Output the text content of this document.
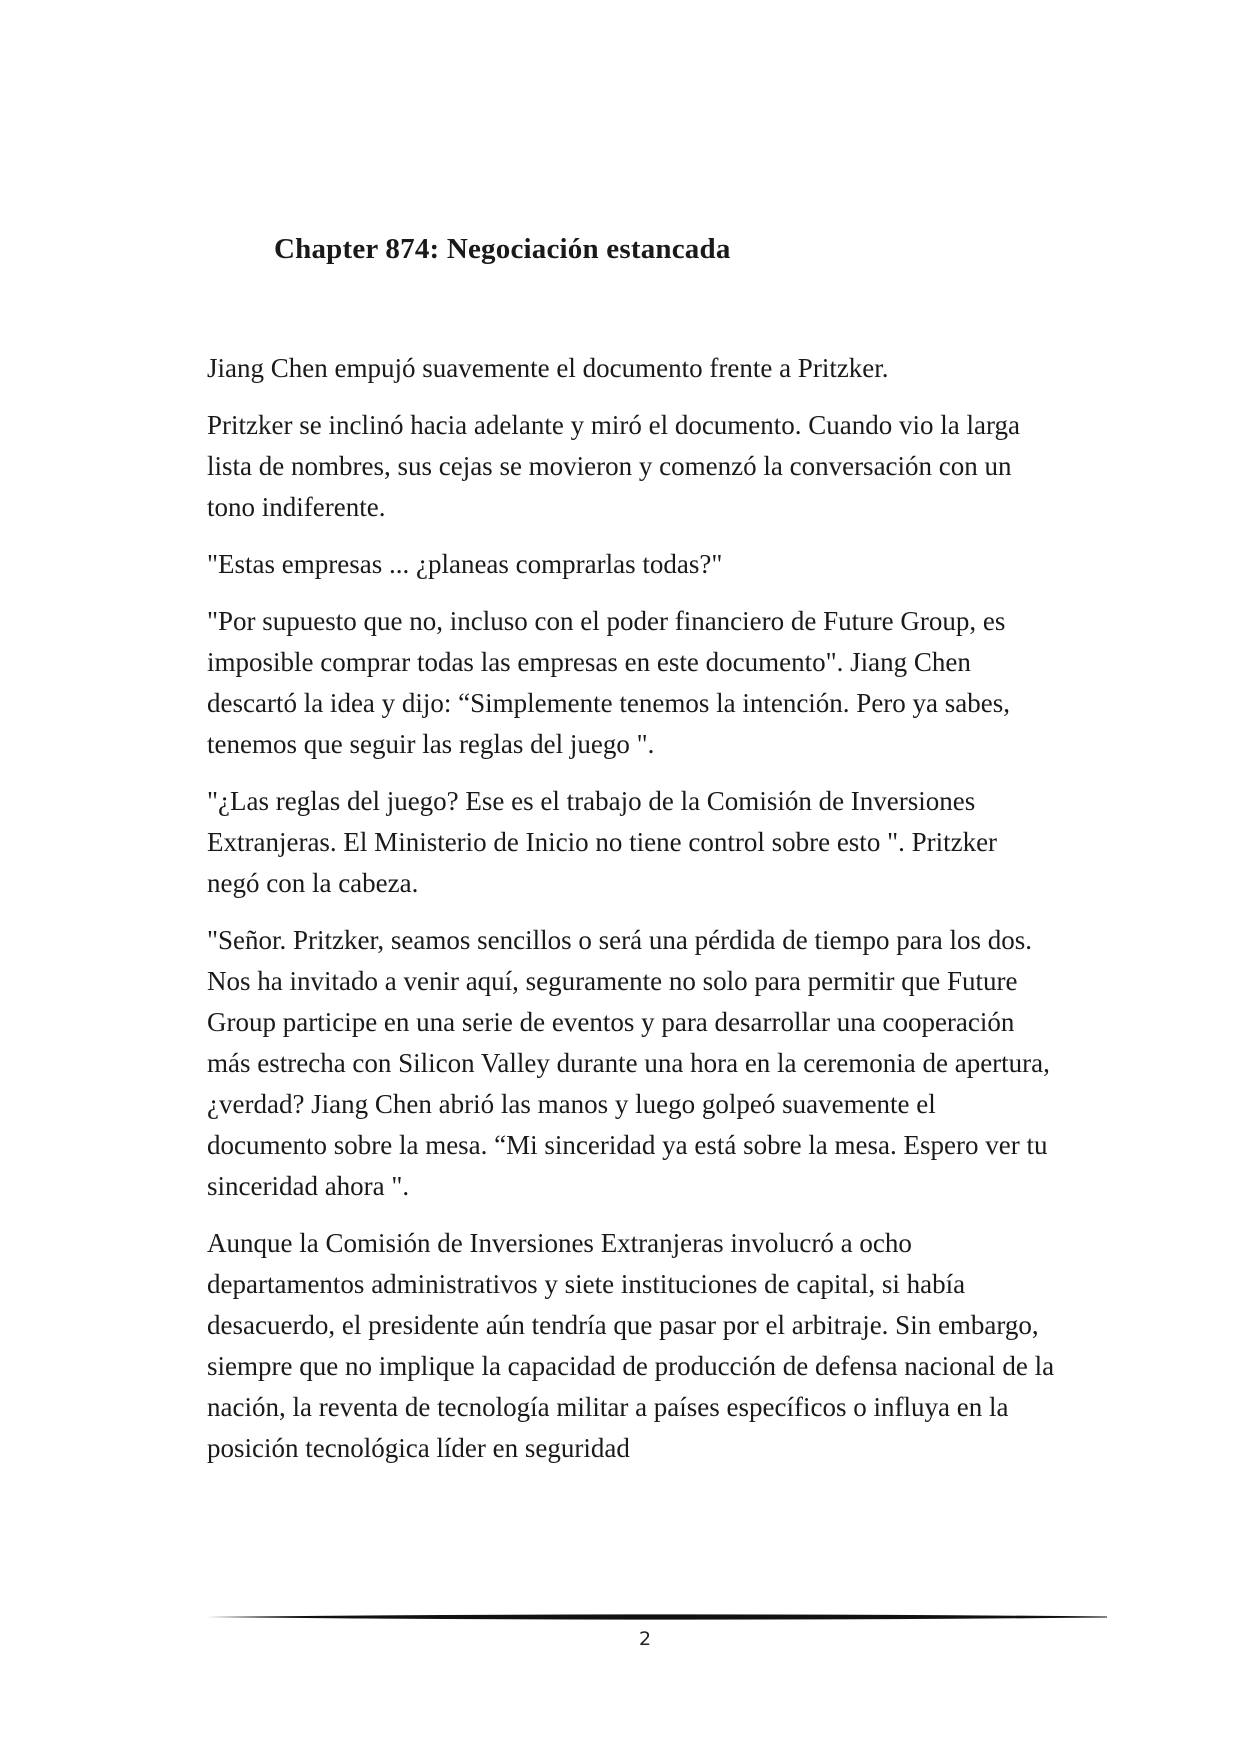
Chapter 874: Negociación estancada

Jiang Chen empujó suavemente el documento frente a Pritzker.

Pritzker se inclinó hacia adelante y miró el documento. Cuando vio la larga lista de nombres, sus cejas se movieron y comenzó la conversación con un tono indiferente.

"Estas empresas ... ¿planeas comprarlas todas?"

"Por supuesto que no, incluso con el poder financiero de Future Group, es imposible comprar todas las empresas en este documento". Jiang Chen descartó la idea y dijo: “Simplemente tenemos la intención. Pero ya sabes, tenemos que seguir las reglas del juego ".

"¿Las reglas del juego? Ese es el trabajo de la Comisión de Inversiones Extranjeras. El Ministerio de Inicio no tiene control sobre esto ". Pritzker negó con la cabeza.

"Señor. Pritzker, seamos sencillos o será una pérdida de tiempo para los dos. Nos ha invitado a venir aquí, seguramente no solo para permitir que Future Group participe en una serie de eventos y para desarrollar una cooperación más estrecha con Silicon Valley durante una hora en la ceremonia de apertura, ¿verdad? Jiang Chen abrió las manos y luego golpeó suavemente el documento sobre la mesa. “Mi sinceridad ya está sobre la mesa. Espero ver tu sinceridad ahora ".

Aunque la Comisión de Inversiones Extranjeras involucró a ocho departamentos administrativos y siete instituciones de capital, si había desacuerdo, el presidente aún tendría que pasar por el arbitraje. Sin embargo, siempre que no implique la capacidad de producción de defensa nacional de la nación, la reventa de tecnología militar a países específicos o influya en la posición tecnológica líder en seguridad

2
